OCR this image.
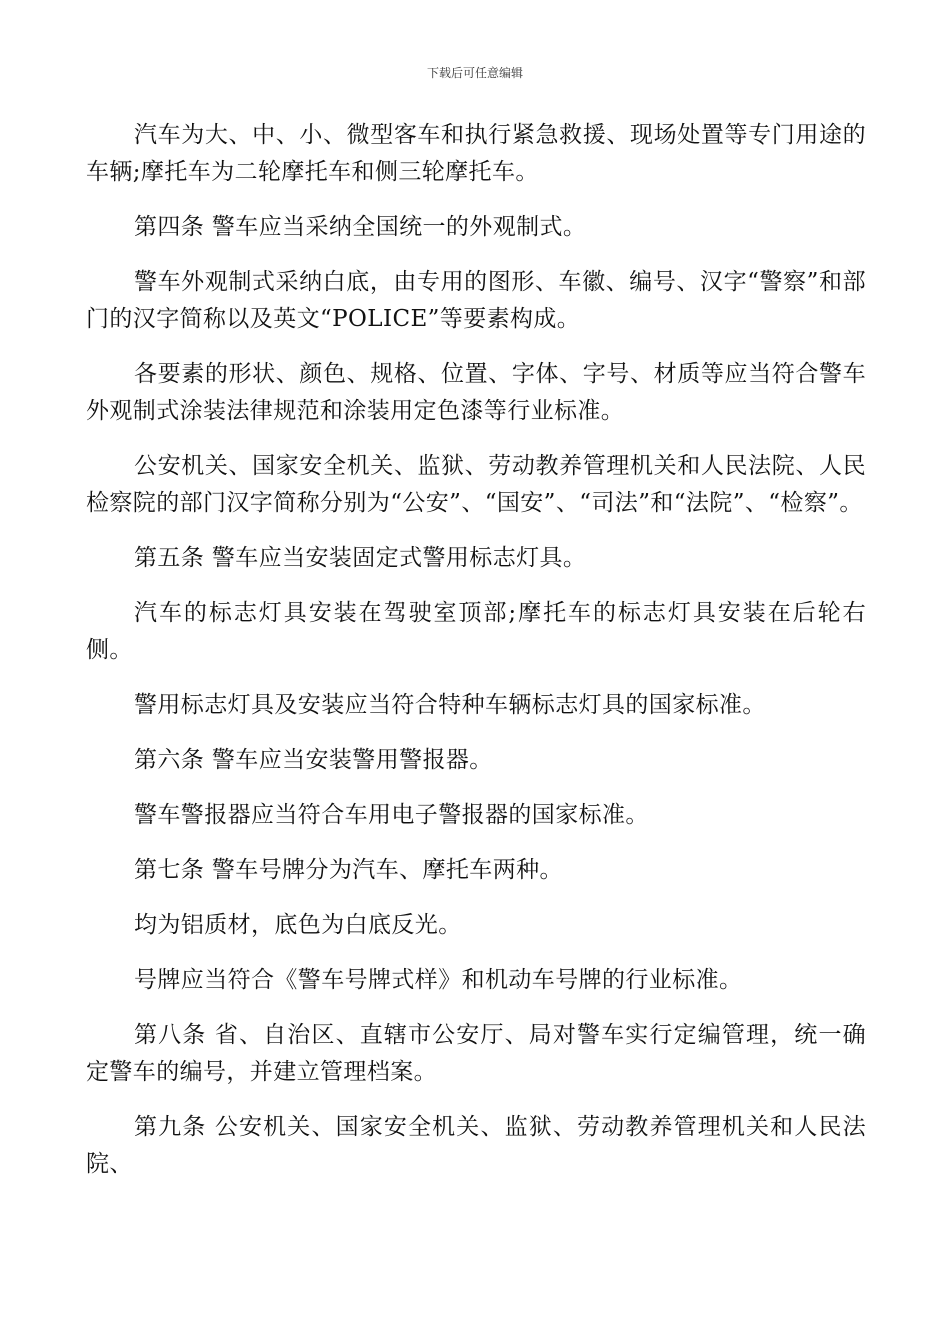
下载后可任意编辑

汽车为大、中、小、微型客车和执行紧急救援、现场处置等专门用途的车辆;摩托车为二轮摩托车和侧三轮摩托车。

第四条 警车应当采纳全国统一的外观制式。

警车外观制式采纳白底，由专用的图形、车徽、编号、汉字“警察”和部门的汉字简称以及英文“POLICE”等要素构成。

各要素的形状、颜色、规格、位置、字体、字号、材质等应当符合警车外观制式涂装法律规范和涂装用定色漆等行业标准。

公安机关、国家安全机关、监狱、劳动教养管理机关和人民法院、人民检察院的部门汉字简称分别为“公安”、“国安”、“司法”和“法院”、“检察”。

第五条 警车应当安装固定式警用标志灯具。

汽车的标志灯具安装在驾驶室顶部;摩托车的标志灯具安装在后轮右侧。

警用标志灯具及安装应当符合特种车辆标志灯具的国家标准。

第六条 警车应当安装警用警报器。

警车警报器应当符合车用电子警报器的国家标准。

第七条 警车号牌分为汽车、摩托车两种。

均为铝质材，底色为白底反光。

号牌应当符合《警车号牌式样》和机动车号牌的行业标准。

第八条 省、自治区、直辖市公安厅、局对警车实行定编管理，统一确定警车的编号，并建立管理档案。

第九条 公安机关、国家安全机关、监狱、劳动教养管理机关和人民法院、
